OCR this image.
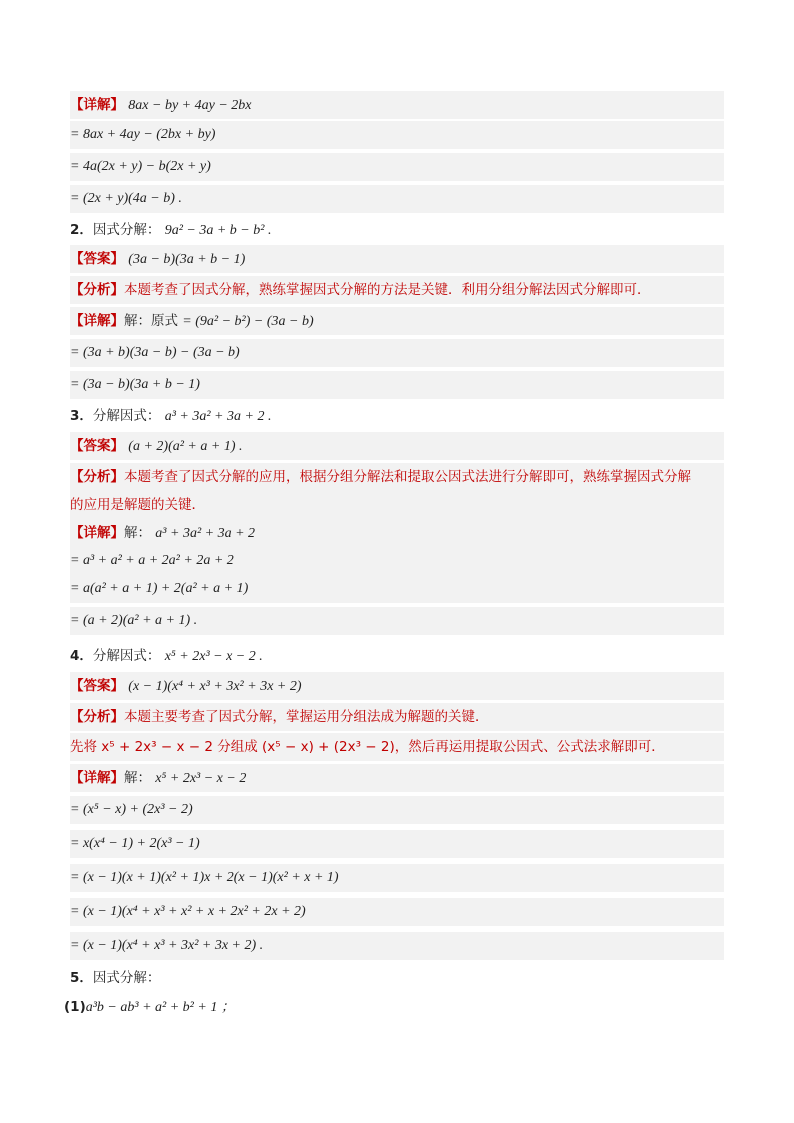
【详解】 8ax − by + 4ay − 2bx
= 8ax + 4ay − (2bx + by)
= 4a(2x + y) − b(2x + y)
= (2x + y)(4a − b) .
2．因式分解： 9a² − 3a + b − b² .
【答案】 (3a − b)(3a + b − 1)
【分析】本题考查了因式分解，熟练掌握因式分解的方法是关键．利用分组分解法因式分解即可．
【详解】解：原式 = (9a² − b²) − (3a − b)
= (3a + b)(3a − b) − (3a − b)
= (3a − b)(3a + b − 1)
3．分解因式： a³ + 3a² + 3a + 2 .
【答案】 (a + 2)(a² + a + 1) .
【分析】本题考查了因式分解的应用，根据分组分解法和提取公因式法进行分解即可，熟练掌握因式分解
的应用是解题的关键．
【详解】解： a³ + 3a² + 3a + 2
= a³ + a² + a + 2a² + 2a + 2
= a(a² + a + 1) + 2(a² + a + 1)
= (a + 2)(a² + a + 1) .
4．分解因式： x⁵ + 2x³ − x − 2 .
【答案】 (x − 1)(x⁴ + x³ + 3x² + 3x + 2)
【分析】本题主要考查了因式分解，掌握运用分组法成为解题的关键．
先将 x⁵ + 2x³ − x − 2 分组成 (x⁵ − x) + (2x³ − 2)，然后再运用提取公因式、公式法求解即可．
【详解】解： x⁵ + 2x³ − x − 2
= (x⁵ − x) + (2x³ − 2)
= x(x⁴ − 1) + 2(x³ − 1)
= (x − 1)(x + 1)(x² + 1)x + 2(x − 1)(x² + x + 1)
= (x − 1)(x⁴ + x³ + x² + x + 2x² + 2x + 2)
= (x − 1)(x⁴ + x³ + 3x² + 3x + 2) .
5．因式分解：
(1)a³b − ab³ + a² + b² + 1 ；
